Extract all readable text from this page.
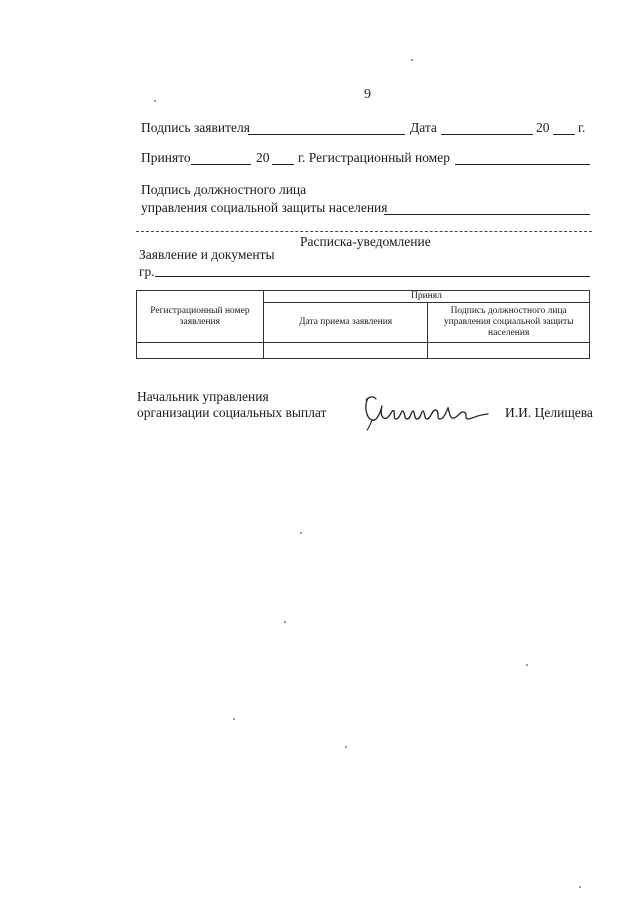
9
Подпись заявителя	Дата	20 г.
Принято	20 г. Регистрационный номер
Подпись должностного лица
управления социальной защиты населения
Расписка-уведомление
Заявление и документы
гр.
Регистрационный номер заявления	Принял	
	Дата приема заявления	Подпись должностного лица управления социальной защиты населения

Начальник управления
организации социальных выплат	И.И. Целищева
